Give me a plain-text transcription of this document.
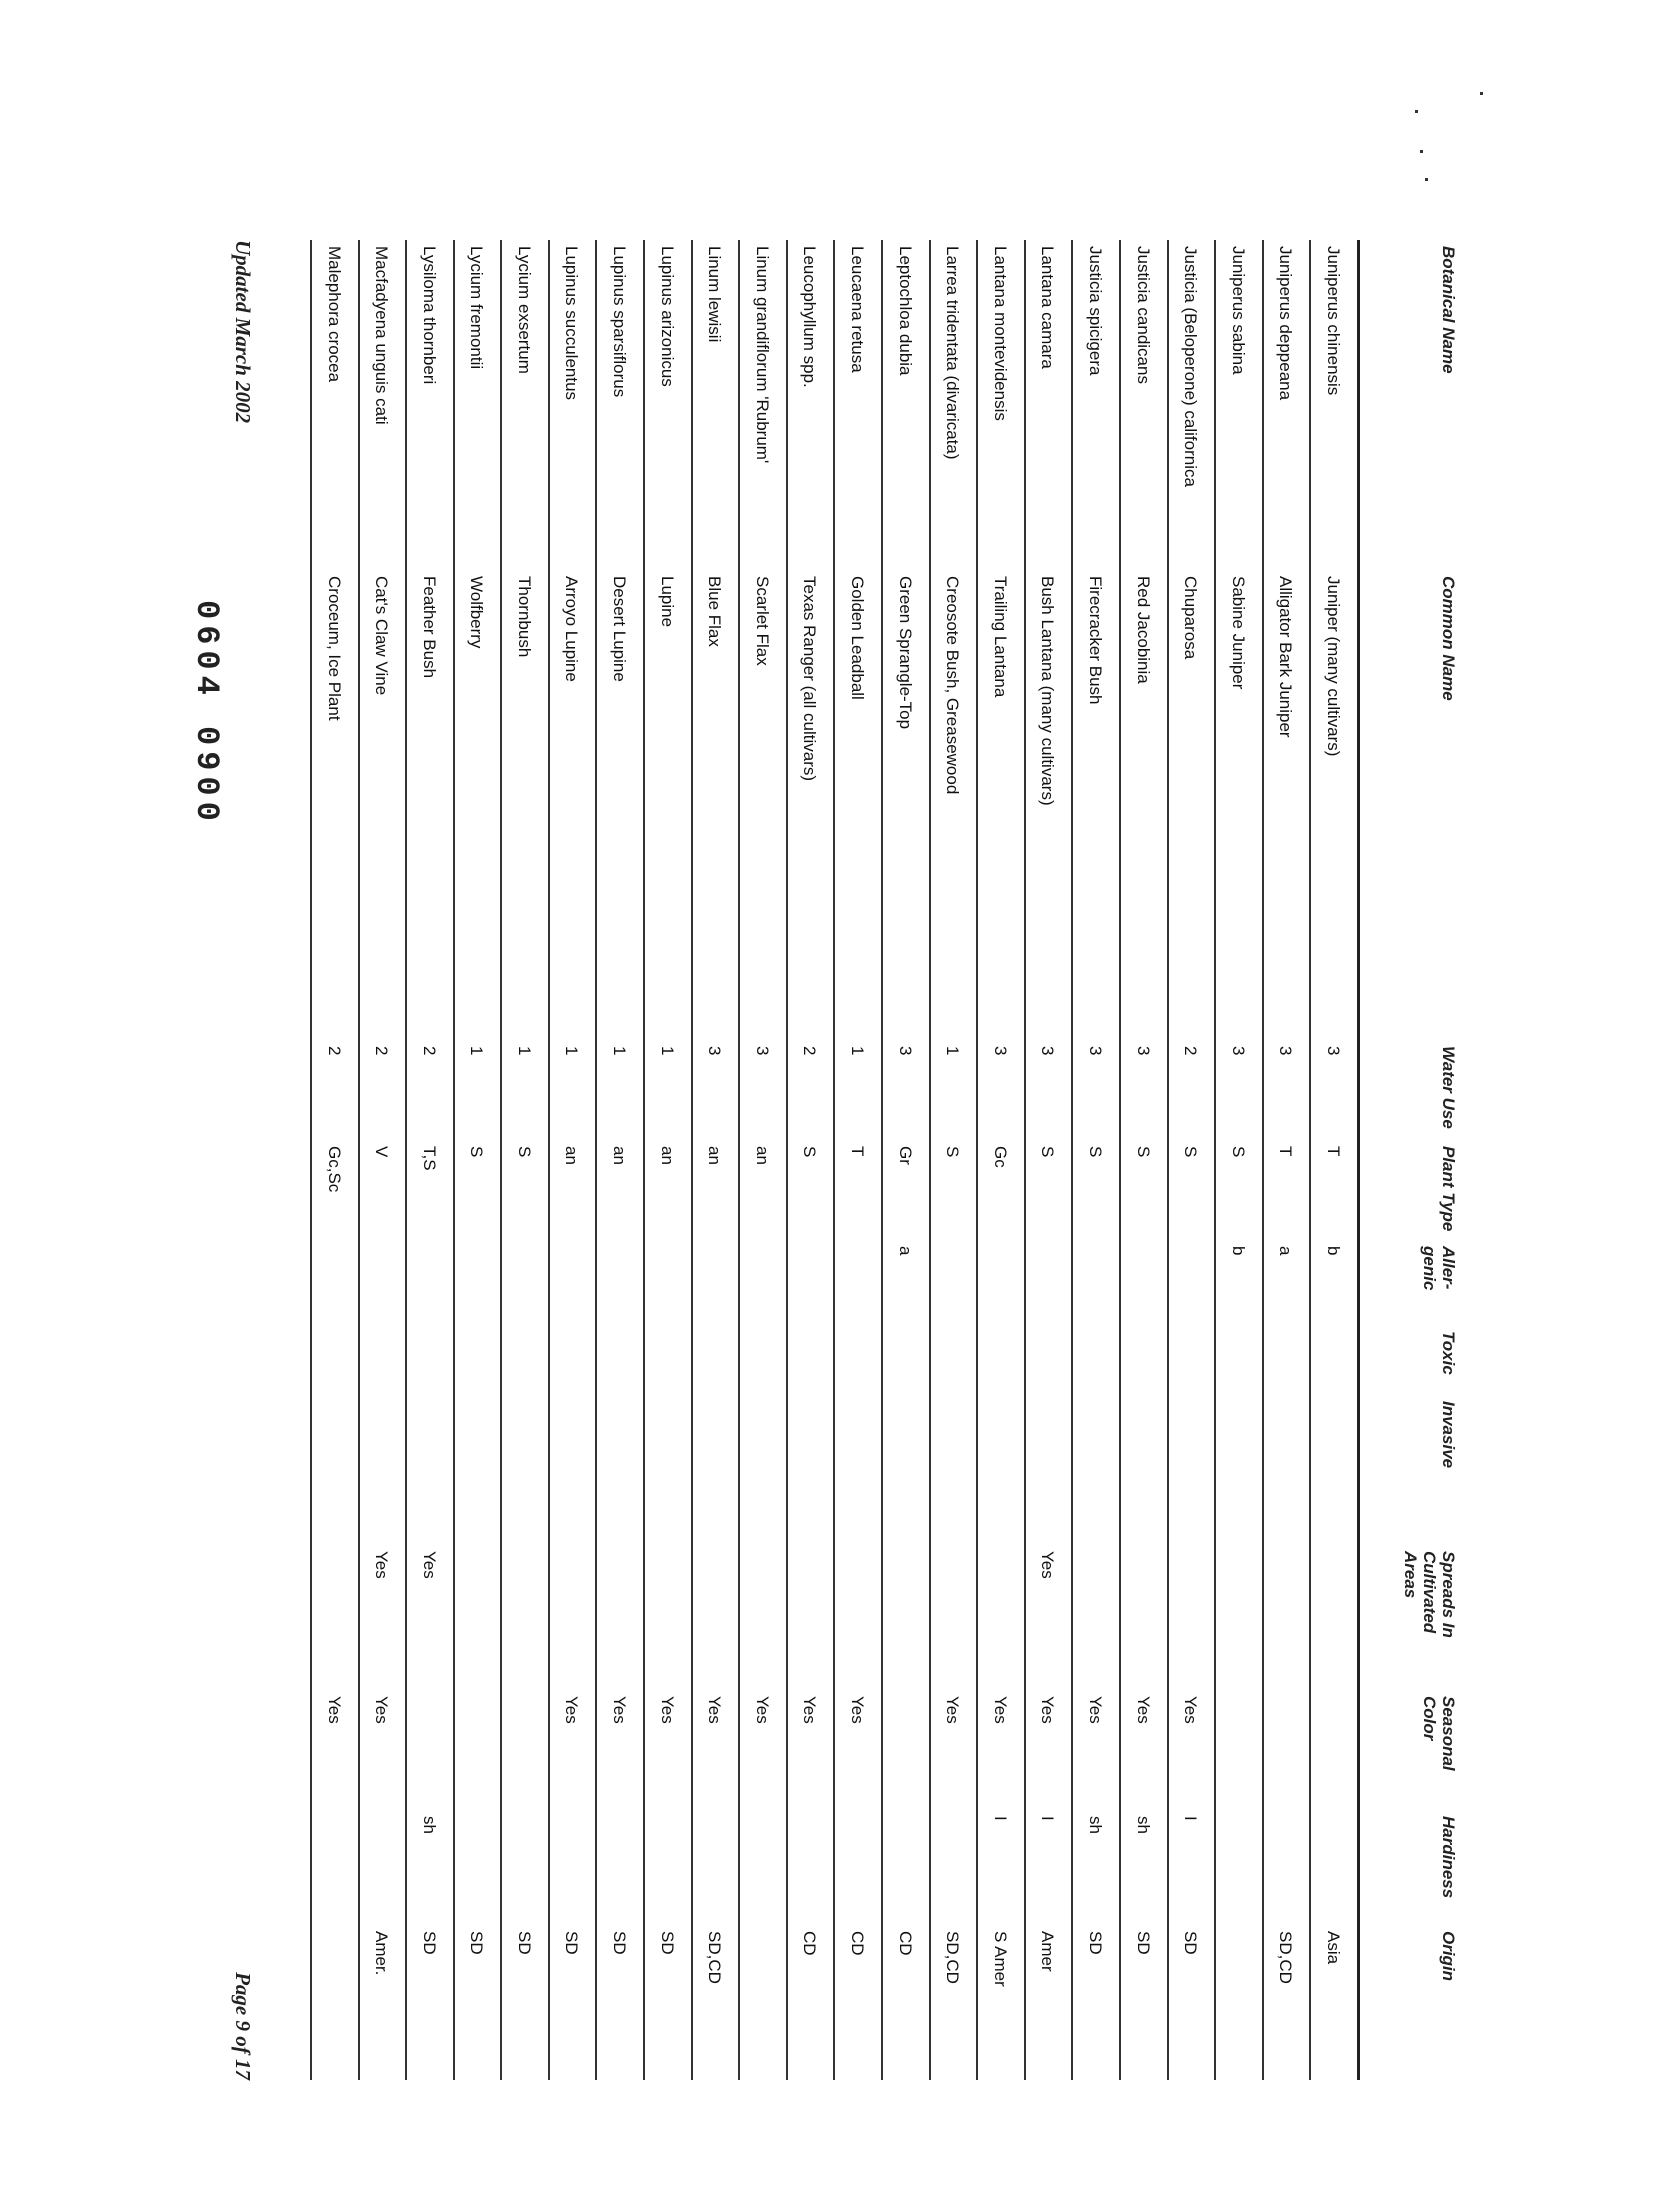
Botanical Name
Common Name
Water Use
Plant Type
Aller- genic
Toxic
Invasive
Spreads In Cultivated Areas
Seasonal Color
Hardiness
Origin
Juniperus chinensis
Juniper (many cultivars)
3
T
b
Asia
Juniperus deppeana
Alligator Bark Juniper
3
T
a
SD,CD
Juniperus sabina
Sabine Juniper
3
S
b
Justicia (Beloperone) californica
Chuparosa
2
S
Yes
I
SD
Justicia candicans
Red Jacobinia
3
S
Yes
sh
SD
Justicia spicigera
Firecracker Bush
3
S
Yes
sh
SD
Lantana camara
Bush Lantana (many cultivars)
3
S
Yes
Yes
I
Amer
Lantana montevidensis
Trailing Lantana
3
Gc
Yes
I
S Amer
Larrea tridentata (divaricata)
Creosote Bush, Greasewood
1
S
Yes
SD,CD
Leptochloa dubia
Green Sprangle-Top
3
Gr
a
CD
Leucaena retusa
Golden Leadball
1
T
Yes
CD
Leucophyllum spp.
Texas Ranger (all cultivars)
2
S
Yes
CD
Linum grandiflorum 'Rubrum'
Scarlet Flax
3
an
Yes
Linum lewisii
Blue Flax
3
an
Yes
SD,CD
Lupinus arizonicus
Lupine
1
an
Yes
SD
Lupinus sparsiflorus
Desert Lupine
1
an
Yes
SD
Lupinus succulentus
Arroyo Lupine
1
an
Yes
SD
Lycium exsertum
Thornbush
1
S
SD
Lycium fremontii
Wolfberry
1
S
SD
Lysiloma thornberi
Feather Bush
2
T,S
Yes
sh
SD
Macfadyena unguis cati
Cat's Claw Vine
2
V
Yes
Yes
Amer.
Malephora crocea
Croceum, Ice Plant
2
Gc,Sc
Yes
Updated March 2002
Page 9 of 17
0604 0900
